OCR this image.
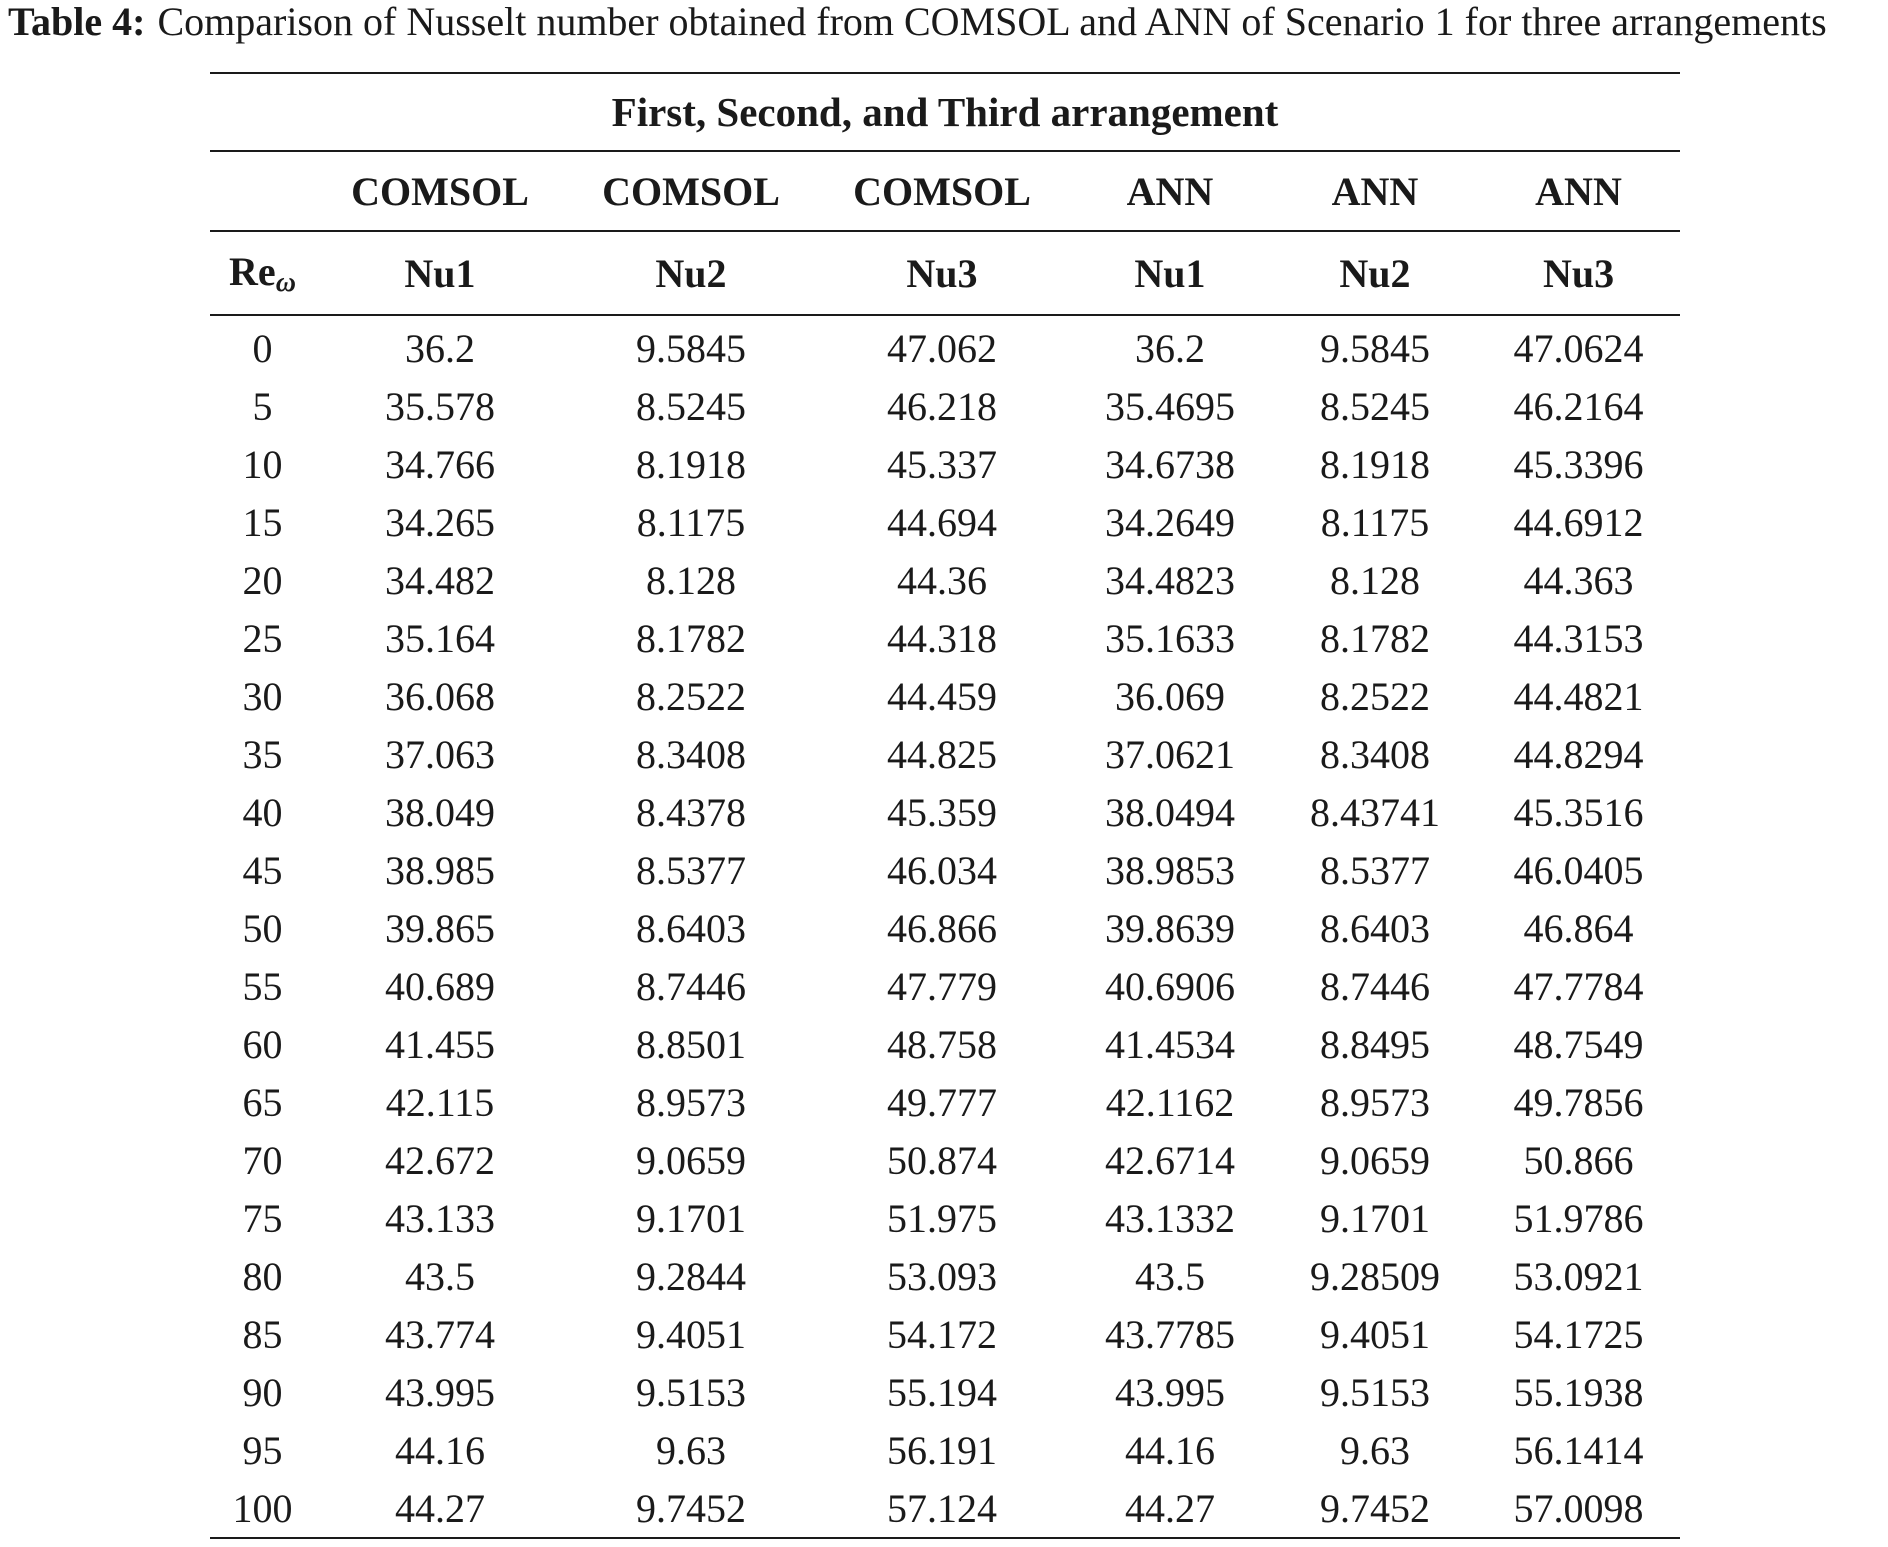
Table 4: Comparison of Nusselt number obtained from COMSOL and ANN of Scenario 1 for three arrangements
First, Second, and Third arrangement						
	COMSOL	COMSOL	COMSOL	ANN	ANN	ANN
$Re_\omega$	Nu1	Nu2	Nu3	Nu1	Nu2	Nu3
0	36.2	9.5845	47.062	36.2	9.5845	47.0624
5	35.578	8.5245	46.218	35.4695	8.5245	46.2164
10	34.766	8.1918	45.337	34.6738	8.1918	45.3396
15	34.265	8.1175	44.694	34.2649	8.1175	44.6912
20	34.482	8.128	44.36	34.4823	8.128	44.363
25	35.164	8.1782	44.318	35.1633	8.1782	44.3153
30	36.068	8.2522	44.459	36.069	8.2522	44.4821
35	37.063	8.3408	44.825	37.0621	8.3408	44.8294
40	38.049	8.4378	45.359	38.0494	8.43741	45.3516
45	38.985	8.5377	46.034	38.9853	8.5377	46.0405
50	39.865	8.6403	46.866	39.8639	8.6403	46.864
55	40.689	8.7446	47.779	40.6906	8.7446	47.7784
60	41.455	8.8501	48.758	41.4534	8.8495	48.7549
65	42.115	8.9573	49.777	42.1162	8.9573	49.7856
70	42.672	9.0659	50.874	42.6714	9.0659	50.866
75	43.133	9.1701	51.975	43.1332	9.1701	51.9786
80	43.5	9.2844	53.093	43.5	9.28509	53.0921
85	43.774	9.4051	54.172	43.7785	9.4051	54.1725
90	43.995	9.5153	55.194	43.995	9.5153	55.1938
95	44.16	9.63	56.191	44.16	9.63	56.1414
100	44.27	9.7452	57.124	44.27	9.7452	57.0098
